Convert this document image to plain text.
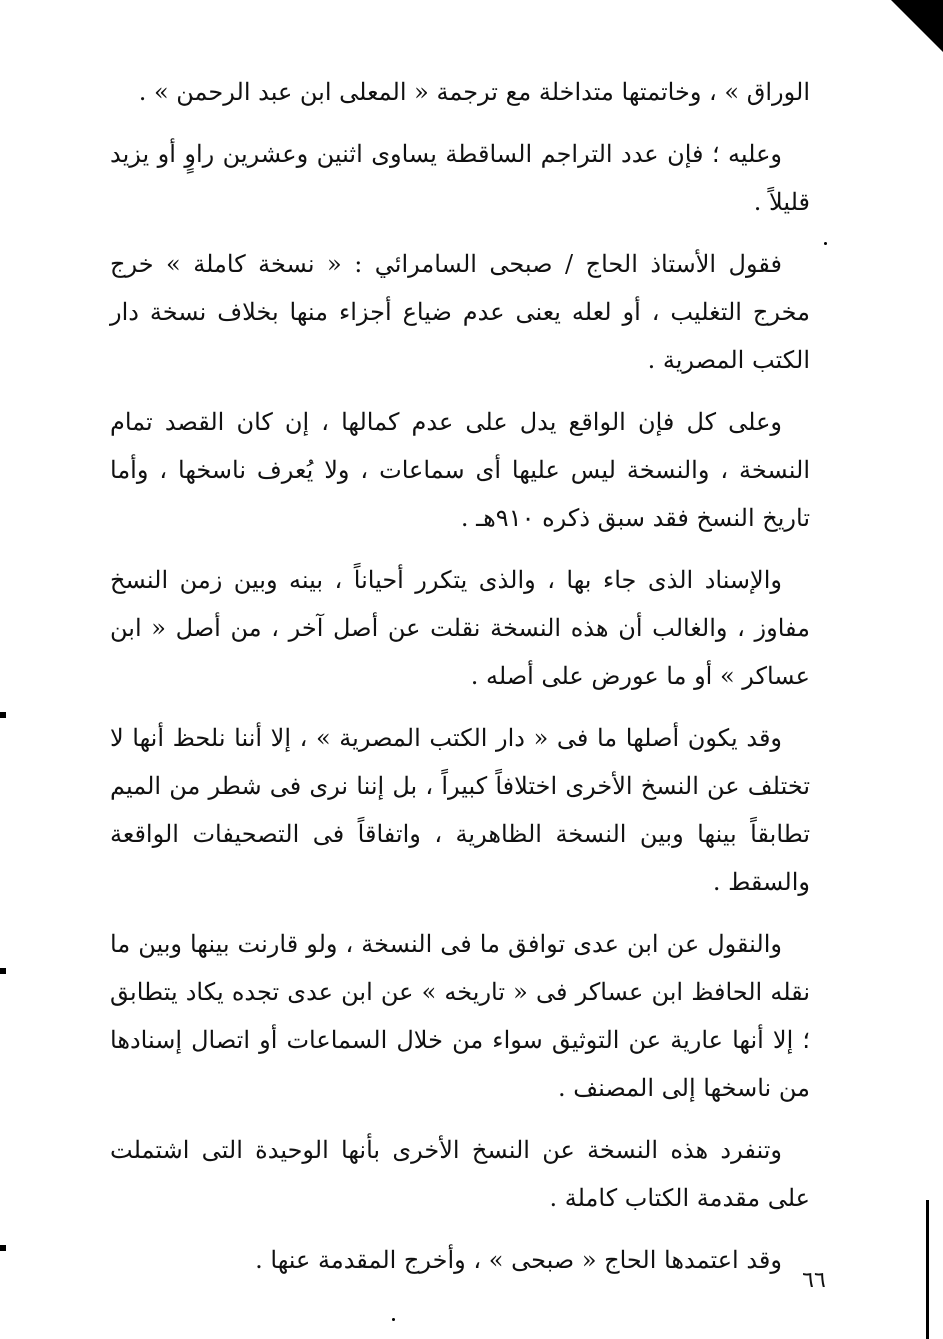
الوراق » ، وخاتمتها متداخلة مع ترجمة « المعلى ابن عبد الرحمن » .

وعليه ؛ فإن عدد التراجم الساقطة يساوى اثنين وعشرين راوٍ أو يزيد قليلاً .

فقول الأستاذ الحاج / صبحى السامرائي : « نسخة كاملة » خرج مخرج التغليب ، أو لعله يعنى عدم ضياع أجزاء منها بخلاف نسخة دار الكتب المصرية .

وعلى كل فإن الواقع يدل على عدم كمالها ، إن كان القصد تمام النسخة ، والنسخة ليس عليها أى سماعات ، ولا يُعرف ناسخها ، وأما تاريخ النسخ فقد سبق ذكره ٩١٠هـ .

والإسناد الذى جاء بها ، والذى يتكرر أحياناً ، بينه وبين زمن النسخ مفاوز ، والغالب أن هذه النسخة نقلت عن أصل آخر ، من أصل « ابن عساكر » أو ما عورض على أصله .

وقد يكون أصلها ما فى « دار الكتب المصرية » ، إلا أننا نلحظ أنها لا تختلف عن النسخ الأخرى اختلافاً كبيراً ، بل إننا نرى فى شطر من الميم تطابقاً بينها وبين النسخة الظاهرية ، واتفاقاً فى التصحيفات الواقعة والسقط .

والنقول عن ابن عدى توافق ما فى النسخة ، ولو قارنت بينها وبين ما نقله الحافظ ابن عساكر فى « تاريخه » عن ابن عدى تجده يكاد يتطابق ؛ إلا أنها عارية عن التوثيق سواء من خلال السماعات أو اتصال إسنادها من ناسخها إلى المصنف .

وتنفرد هذه النسخة عن النسخ الأخرى بأنها الوحيدة التى اشتملت على مقدمة الكتاب كاملة .

وقد اعتمدها الحاج « صبحى » ، وأخرج المقدمة عنها .

٦٦
